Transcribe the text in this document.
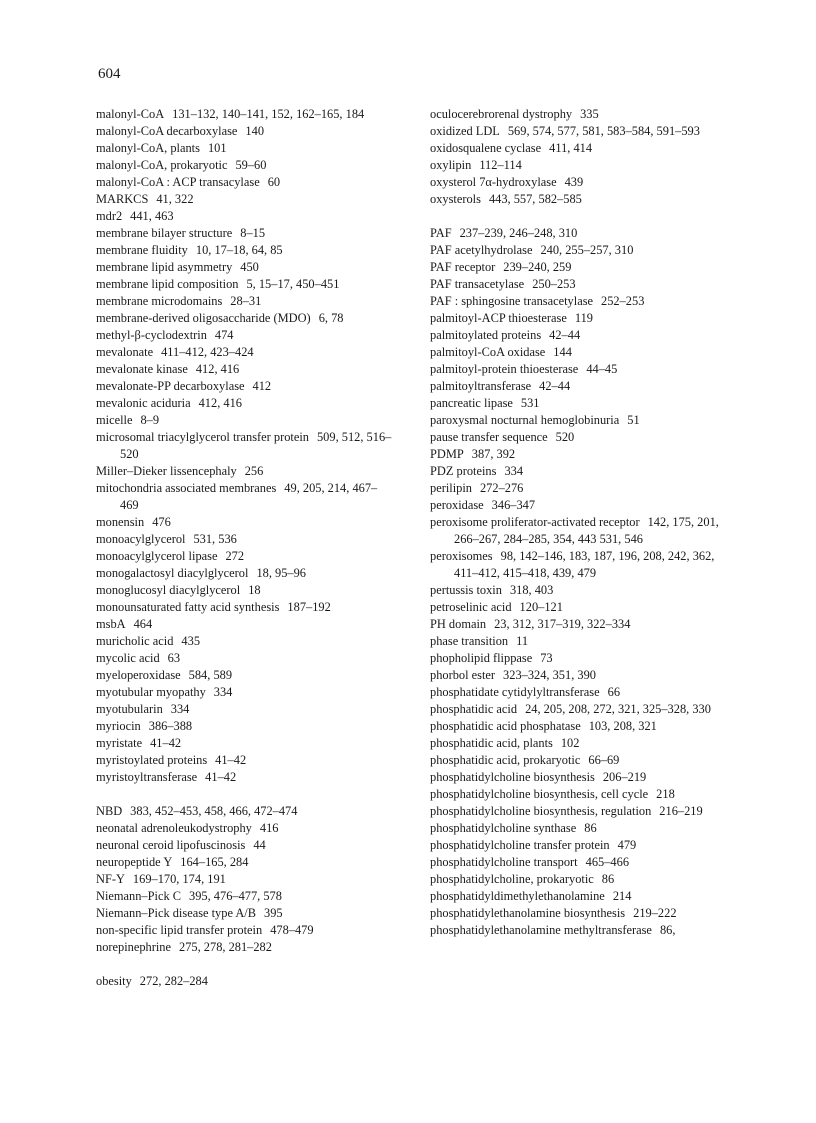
604

malonyl-CoA 131–132, 140–141, 152, 162–165, 184

malonyl-CoA decarboxylase 140

malonyl-CoA, plants 101

malonyl-CoA, prokaryotic 59–60

malonyl-CoA : ACP transacylase 60

MARKCS 41, 322

mdr2 441, 463

membrane bilayer structure 8–15

membrane fluidity 10, 17–18, 64, 85

membrane lipid asymmetry 450

membrane lipid composition 5, 15–17, 450–451

membrane microdomains 28–31

membrane-derived oligosaccharide (MDO) 6, 78

methyl-β-cyclodextrin 474

mevalonate 411–412, 423–424

mevalonate kinase 412, 416

mevalonate-PP decarboxylase 412

mevalonic aciduria 412, 416

micelle 8–9

microsomal triacylglycerol transfer protein 509, 512, 516–520

Miller–Dieker lissencephaly 256

mitochondria associated membranes 49, 205, 214, 467–469

monensin 476

monoacylglycerol 531, 536

monoacylglycerol lipase 272

monogalactosyl diacylglycerol 18, 95–96

monoglucosyl diacylglycerol 18

monounsaturated fatty acid synthesis 187–192

msbA 464

muricholic acid 435

mycolic acid 63

myeloperoxidase 584, 589

myotubular myopathy 334

myotubularin 334

myriocin 386–388

myristate 41–42

myristoylated proteins 41–42

myristoyltransferase 41–42

NBD 383, 452–453, 458, 466, 472–474

neonatal adrenoleukodystrophy 416

neuronal ceroid lipofuscinosis 44

neuropeptide Y 164–165, 284

NF-Y 169–170, 174, 191

Niemann–Pick C 395, 476–477, 578

Niemann–Pick disease type A/B 395

non-specific lipid transfer protein 478–479

norepinephrine 275, 278, 281–282

obesity 272, 282–284

oculocerebrorenal dystrophy 335

oxidized LDL 569, 574, 577, 581, 583–584, 591–593

oxidosqualene cyclase 411, 414

oxylipin 112–114

oxysterol 7α-hydroxylase 439

oxysterols 443, 557, 582–585

PAF 237–239, 246–248, 310

PAF acetylhydrolase 240, 255–257, 310

PAF receptor 239–240, 259

PAF transacetylase 250–253

PAF : sphingosine transacetylase 252–253

palmitoyl-ACP thioesterase 119

palmitoylated proteins 42–44

palmitoyl-CoA oxidase 144

palmitoyl-protein thioesterase 44–45

palmitoyltransferase 42–44

pancreatic lipase 531

paroxysmal nocturnal hemoglobinuria 51

pause transfer sequence 520

PDMP 387, 392

PDZ proteins 334

perilipin 272–276

peroxidase 346–347

peroxisome proliferator-activated receptor 142, 175, 201, 266–267, 284–285, 354, 443 531, 546

peroxisomes 98, 142–146, 183, 187, 196, 208, 242, 362, 411–412, 415–418, 439, 479

pertussis toxin 318, 403

petroselinic acid 120–121

PH domain 23, 312, 317–319, 322–334

phase transition 11

phopholipid flippase 73

phorbol ester 323–324, 351, 390

phosphatidate cytidylyltransferase 66

phosphatidic acid 24, 205, 208, 272, 321, 325–328, 330

phosphatidic acid phosphatase 103, 208, 321

phosphatidic acid, plants 102

phosphatidic acid, prokaryotic 66–69

phosphatidylcholine biosynthesis 206–219

phosphatidylcholine biosynthesis, cell cycle 218

phosphatidylcholine biosynthesis, regulation 216–219

phosphatidylcholine synthase 86

phosphatidylcholine transfer protein 479

phosphatidylcholine transport 465–466

phosphatidylcholine, prokaryotic 86

phosphatidyldimethylethanolamine 214

phosphatidylethanolamine biosynthesis 219–222

phosphatidylethanolamine methyltransferase 86,
